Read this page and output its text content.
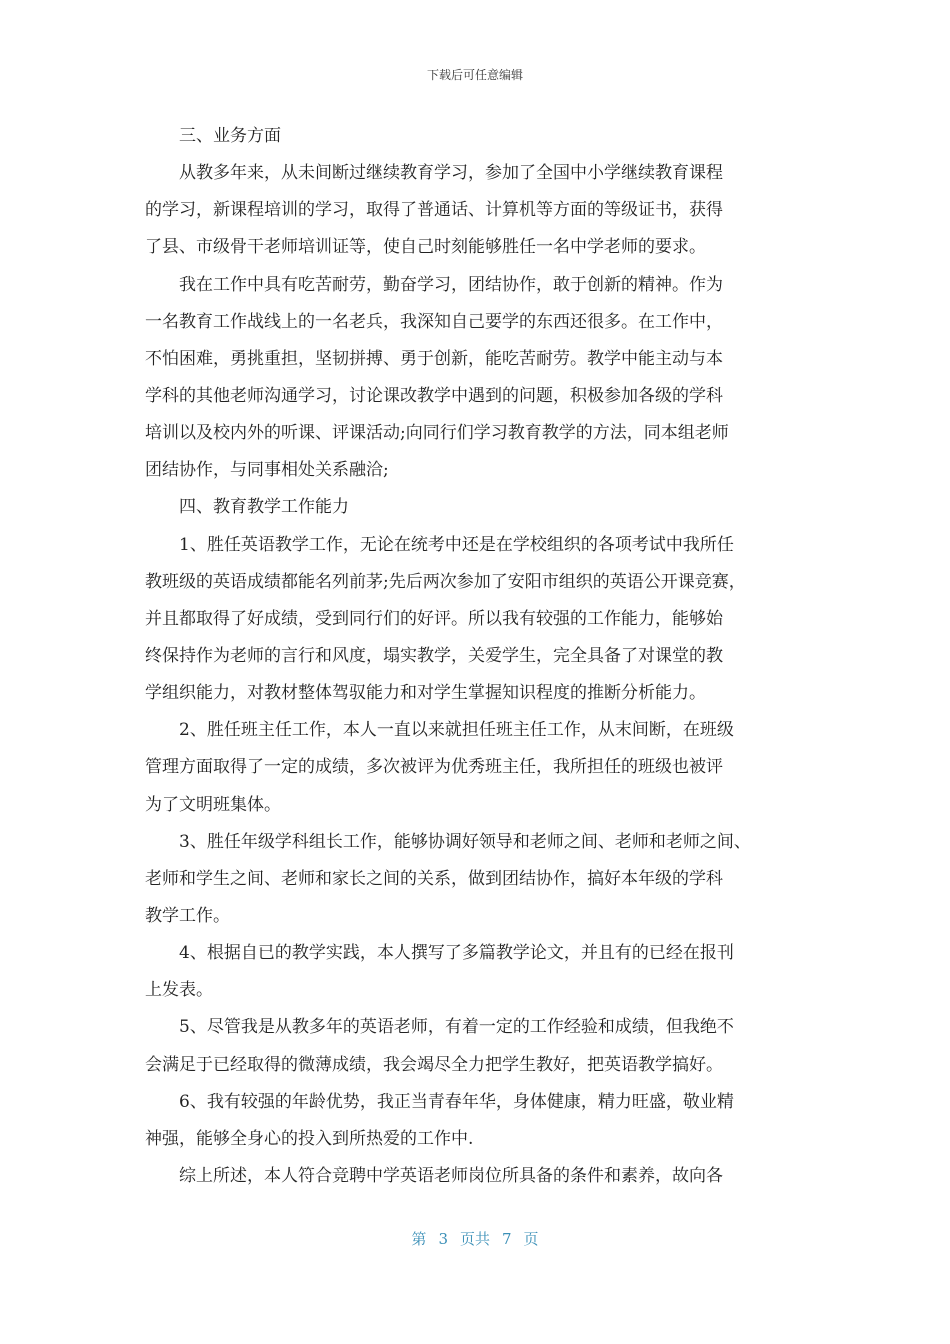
下载后可任意编辑
三、业务方面
从教多年来，从未间断过继续教育学习，参加了全国中小学继续教育课程
的学习，新课程培训的学习，取得了普通话、计算机等方面的等级证书，获得
了县、市级骨干老师培训证等，使自己时刻能够胜任一名中学老师的要求。
我在工作中具有吃苦耐劳，勤奋学习，团结协作，敢于创新的精神。作为
一名教育工作战线上的一名老兵，我深知自己要学的东西还很多。在工作中，
不怕困难，勇挑重担，坚韧拼搏、勇于创新，能吃苦耐劳。教学中能主动与本
学科的其他老师沟通学习，讨论课改教学中遇到的问题，积极参加各级的学科
培训以及校内外的听课、评课活动;向同行们学习教育教学的方法，同本组老师
团结协作，与同事相处关系融洽;
四、教育教学工作能力
1、胜任英语教学工作，无论在统考中还是在学校组织的各项考试中我所任
教班级的英语成绩都能名列前茅;先后两次参加了安阳市组织的英语公开课竞赛，
并且都取得了好成绩，受到同行们的好评。所以我有较强的工作能力，能够始
终保持作为老师的言行和风度，塌实教学，关爱学生，完全具备了对课堂的教
学组织能力，对教材整体驾驭能力和对学生掌握知识程度的推断分析能力。
2、胜任班主任工作，本人一直以来就担任班主任工作，从末间断，在班级
管理方面取得了一定的成绩，多次被评为优秀班主任，我所担任的班级也被评
为了文明班集体。
3、胜任年级学科组长工作，能够协调好领导和老师之间、老师和老师之间、
老师和学生之间、老师和家长之间的关系，做到团结协作，搞好本年级的学科
教学工作。
4、根据自已的教学实践，本人撰写了多篇教学论文，并且有的已经在报刊
上发表。
5、尽管我是从教多年的英语老师，有着一定的工作经验和成绩，但我绝不
会满足于已经取得的微薄成绩，我会竭尽全力把学生教好，把英语教学搞好。
6、我有较强的年龄优势，我正当青春年华，身体健康，精力旺盛，敬业精
神强，能够全身心的投入到所热爱的工作中.
综上所述，本人符合竞聘中学英语老师岗位所具备的条件和素养，故向各
第 3 页共 7 页
